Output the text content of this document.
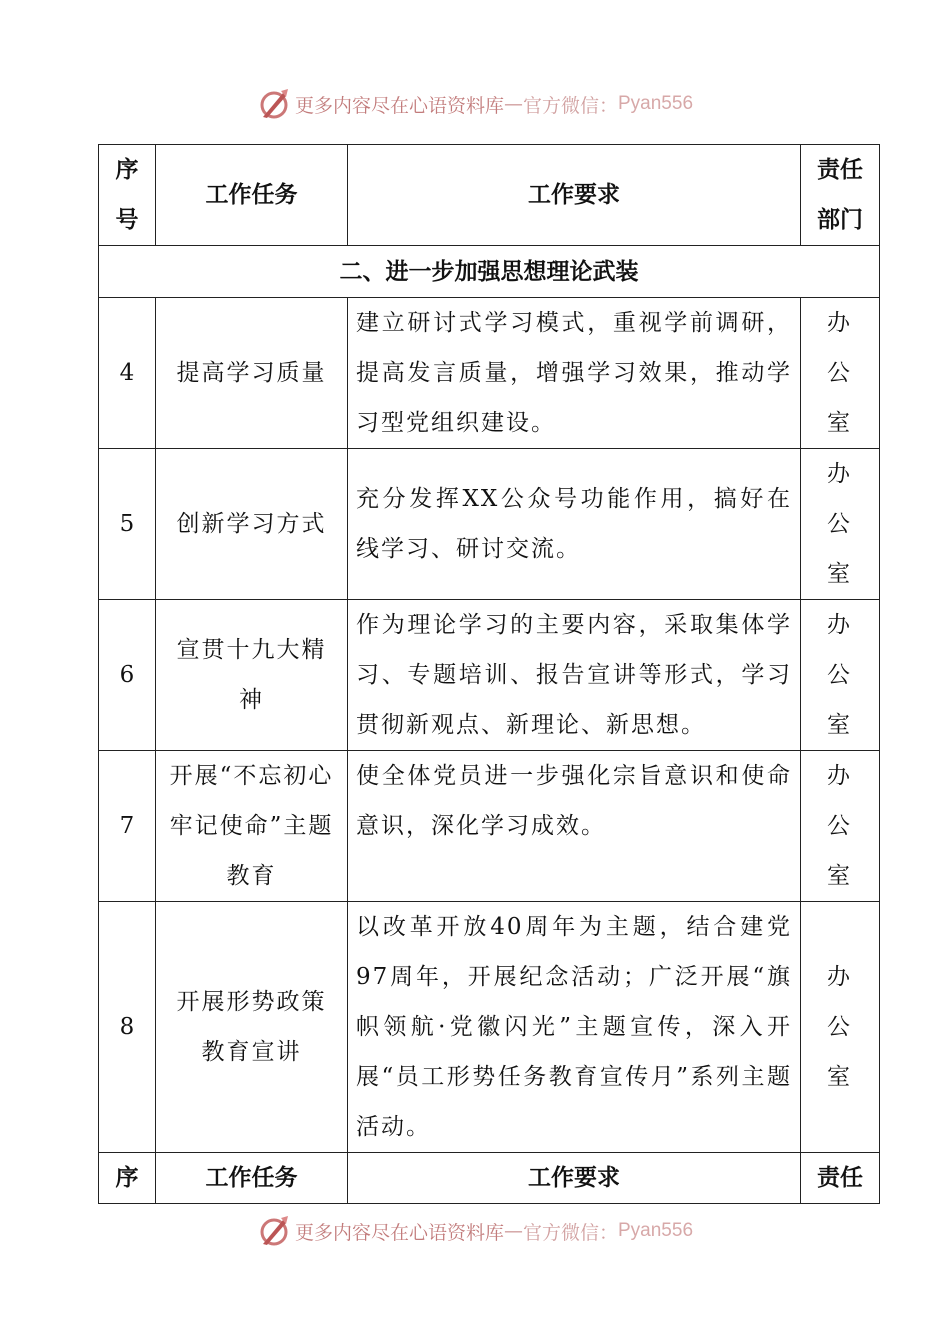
更多内容尽在心语资料库 — 官方微信： Pyan556
序号	工作任务	工作要求	责任部门
二、进一步加强思想理论武装			
4	提高学习质量	建立研讨式学习模式，重视学前调研，提高发言质量，增强学习效果，推动学习型党组织建设。	办公室
5	创新学习方式	充分发挥XX公众号功能作用，搞好在线学习、研讨交流。	办公室
6	宣贯十九大精神	作为理论学习的主要内容，采取集体学习、专题培训、报告宣讲等形式，学习贯彻新观点、新理论、新思想。	办公室
7	开展“不忘初心 牢记使命”主题教育	使全体党员进一步强化宗旨意识和使命意识，深化学习成效。	办公室
8	开展形势政策教育宣讲	以改革开放40周年为主题，结合建党97周年，开展纪念活动；广泛开展“旗帜领航·党徽闪光”主题宣传，深入开展“员工形势任务教育宣传月”系列主题活动。	办公室
序	工作任务	工作要求	责任
更多内容尽在心语资料库 — 官方微信： Pyan556
